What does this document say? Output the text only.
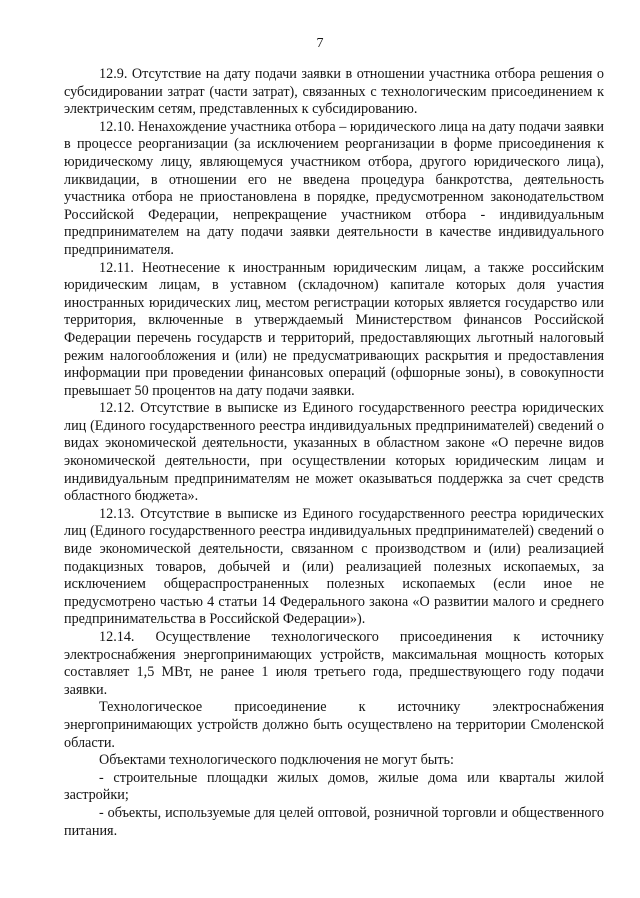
7

12.9. Отсутствие на дату подачи заявки в отношении участника отбора решения о субсидировании затрат (части затрат), связанных с технологическим присоединением к электрическим сетям, представленных к субсидированию.

12.10. Ненахождение участника отбора – юридического лица на дату подачи заявки в процессе реорганизации (за исключением реорганизации в форме присоединения к юридическому лицу, являющемуся участником отбора, другого юридического лица), ликвидации, в отношении его не введена процедура банкротства, деятельность участника отбора не приостановлена в порядке, предусмотренном законодательством Российской Федерации, непрекращение участником отбора - индивидуальным предпринимателем на дату подачи заявки деятельности в качестве индивидуального предпринимателя.

12.11. Неотнесение к иностранным юридическим лицам, а также российским юридическим лицам, в уставном (складочном) капитале которых доля участия иностранных юридических лиц, местом регистрации которых является государство или территория, включенные в утверждаемый Министерством финансов Российской Федерации перечень государств и территорий, предоставляющих льготный налоговый режим налогообложения и (или) не предусматривающих раскрытия и предоставления информации при проведении финансовых операций (офшорные зоны), в совокупности превышает 50 процентов на дату подачи заявки.

12.12. Отсутствие в выписке из Единого государственного реестра юридических лиц (Единого государственного реестра индивидуальных предпринимателей) сведений о видах экономической деятельности, указанных в областном законе «О перечне видов экономической деятельности, при осуществлении которых юридическим лицам и индивидуальным предпринимателям не может оказываться поддержка за счет средств областного бюджета».

12.13. Отсутствие в выписке из Единого государственного реестра юридических лиц (Единого государственного реестра индивидуальных предпринимателей) сведений о виде экономической деятельности, связанном с производством и (или) реализацией подакцизных товаров, добычей и (или) реализацией полезных ископаемых, за исключением общераспространенных полезных ископаемых (если иное не предусмотрено частью 4 статьи 14 Федерального закона «О развитии малого и среднего предпринимательства в Российской Федерации»).

12.14. Осуществление технологического присоединения к источнику электроснабжения энергопринимающих устройств, максимальная мощность которых составляет 1,5 МВт, не ранее 1 июля третьего года, предшествующего году подачи заявки.

Технологическое присоединение к источнику электроснабжения энергопринимающих устройств должно быть осуществлено на территории Смоленской области.

Объектами технологического подключения не могут быть:

- строительные площадки жилых домов, жилые дома или кварталы жилой застройки;

- объекты, используемые для целей оптовой, розничной торговли и общественного питания.
